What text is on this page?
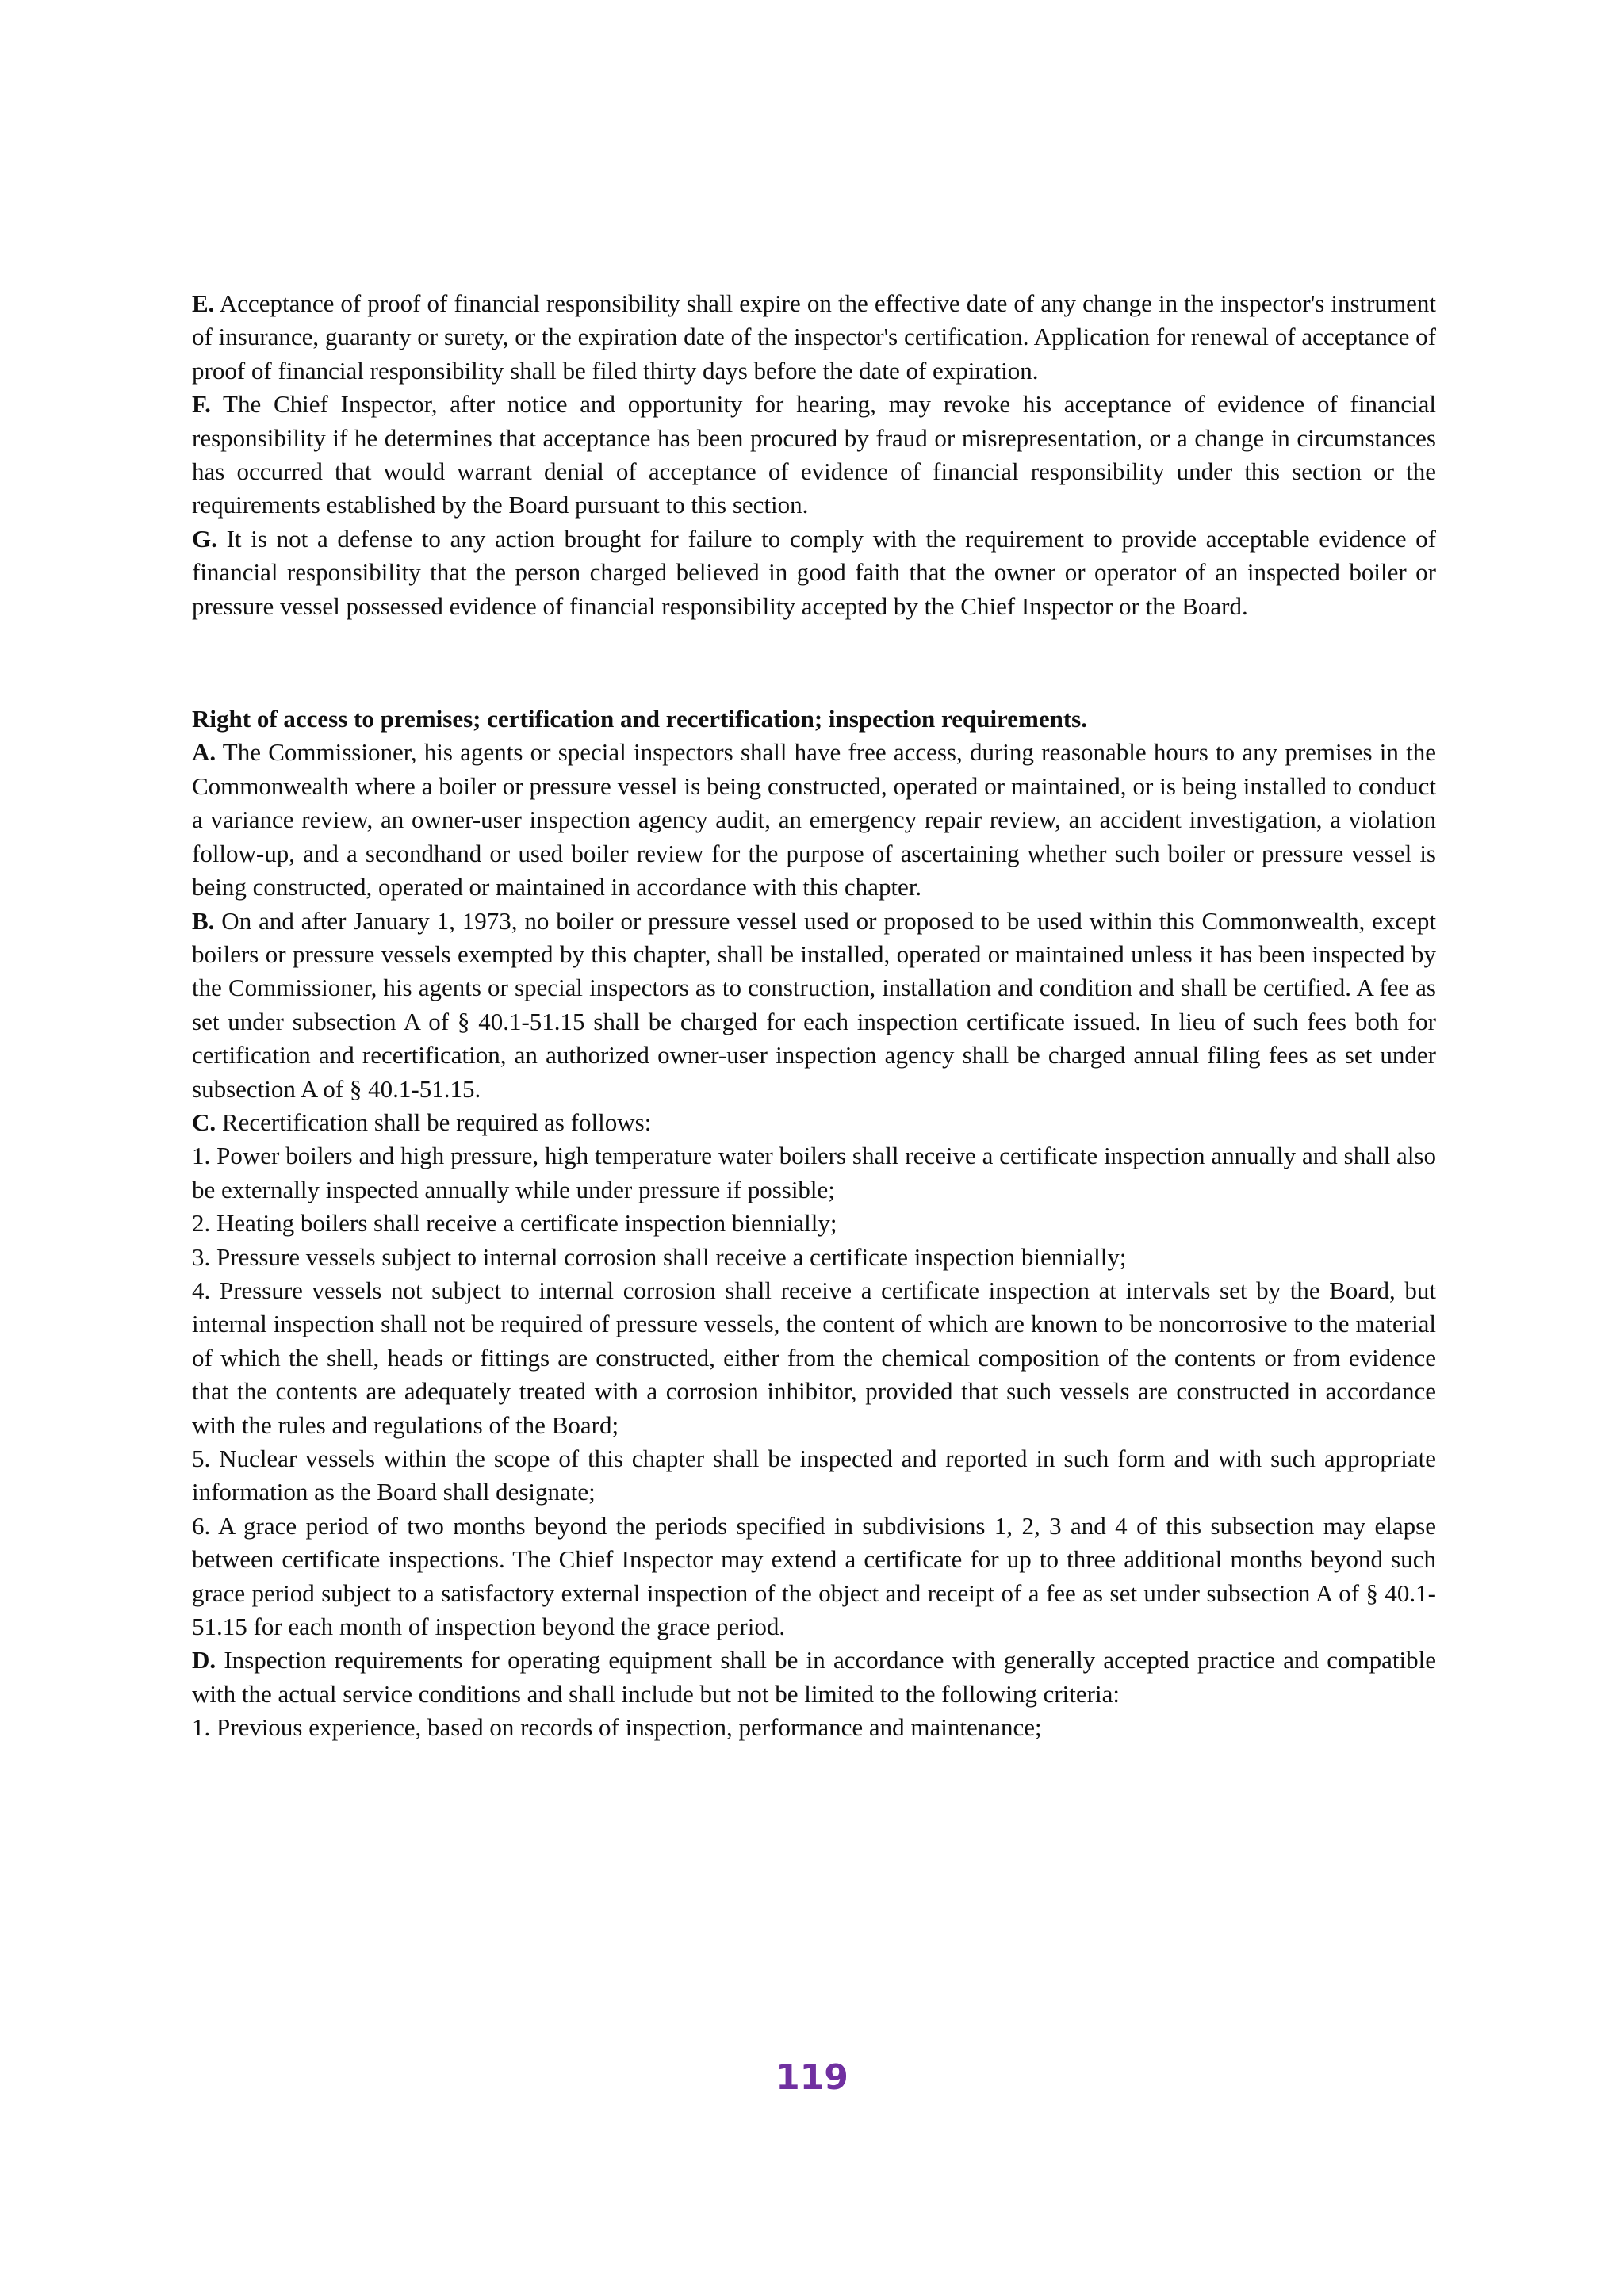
E. Acceptance of proof of financial responsibility shall expire on the effective date of any change in the inspector's instrument of insurance, guaranty or surety, or the expiration date of the inspector's certification. Application for renewal of acceptance of proof of financial responsibility shall be filed thirty days before the date of expiration.

F. The Chief Inspector, after notice and opportunity for hearing, may revoke his acceptance of evidence of financial responsibility if he determines that acceptance has been procured by fraud or misrepresentation, or a change in circumstances has occurred that would warrant denial of acceptance of evidence of financial responsibility under this section or the requirements established by the Board pursuant to this section.

G. It is not a defense to any action brought for failure to comply with the requirement to provide acceptable evidence of financial responsibility that the person charged believed in good faith that the owner or operator of an inspected boiler or pressure vessel possessed evidence of financial responsibility accepted by the Chief Inspector or the Board.

Right of access to premises; certification and recertification; inspection requirements.

A. The Commissioner, his agents or special inspectors shall have free access, during reasonable hours to any premises in the Commonwealth where a boiler or pressure vessel is being constructed, operated or maintained, or is being installed to conduct a variance review, an owner-user inspection agency audit, an emergency repair review, an accident investigation, a violation follow-up, and a secondhand or used boiler review for the purpose of ascertaining whether such boiler or pressure vessel is being constructed, operated or maintained in accordance with this chapter.

B. On and after January 1, 1973, no boiler or pressure vessel used or proposed to be used within this Commonwealth, except boilers or pressure vessels exempted by this chapter, shall be installed, operated or maintained unless it has been inspected by the Commissioner, his agents or special inspectors as to construction, installation and condition and shall be certified. A fee as set under subsection A of § 40.1-51.15 shall be charged for each inspection certificate issued. In lieu of such fees both for certification and recertification, an authorized owner-user inspection agency shall be charged annual filing fees as set under subsection A of § 40.1-51.15.

C. Recertification shall be required as follows:

1. Power boilers and high pressure, high temperature water boilers shall receive a certificate inspection annually and shall also be externally inspected annually while under pressure if possible;

2. Heating boilers shall receive a certificate inspection biennially;

3. Pressure vessels subject to internal corrosion shall receive a certificate inspection biennially;

4. Pressure vessels not subject to internal corrosion shall receive a certificate inspection at intervals set by the Board, but internal inspection shall not be required of pressure vessels, the content of which are known to be noncorrosive to the material of which the shell, heads or fittings are constructed, either from the chemical composition of the contents or from evidence that the contents are adequately treated with a corrosion inhibitor, provided that such vessels are constructed in accordance with the rules and regulations of the Board;

5. Nuclear vessels within the scope of this chapter shall be inspected and reported in such form and with such appropriate information as the Board shall designate;

6. A grace period of two months beyond the periods specified in subdivisions 1, 2, 3 and 4 of this subsection may elapse between certificate inspections. The Chief Inspector may extend a certificate for up to three additional months beyond such grace period subject to a satisfactory external inspection of the object and receipt of a fee as set under subsection A of § 40.1-51.15 for each month of inspection beyond the grace period.

D. Inspection requirements for operating equipment shall be in accordance with generally accepted practice and compatible with the actual service conditions and shall include but not be limited to the following criteria:

1. Previous experience, based on records of inspection, performance and maintenance;

119
